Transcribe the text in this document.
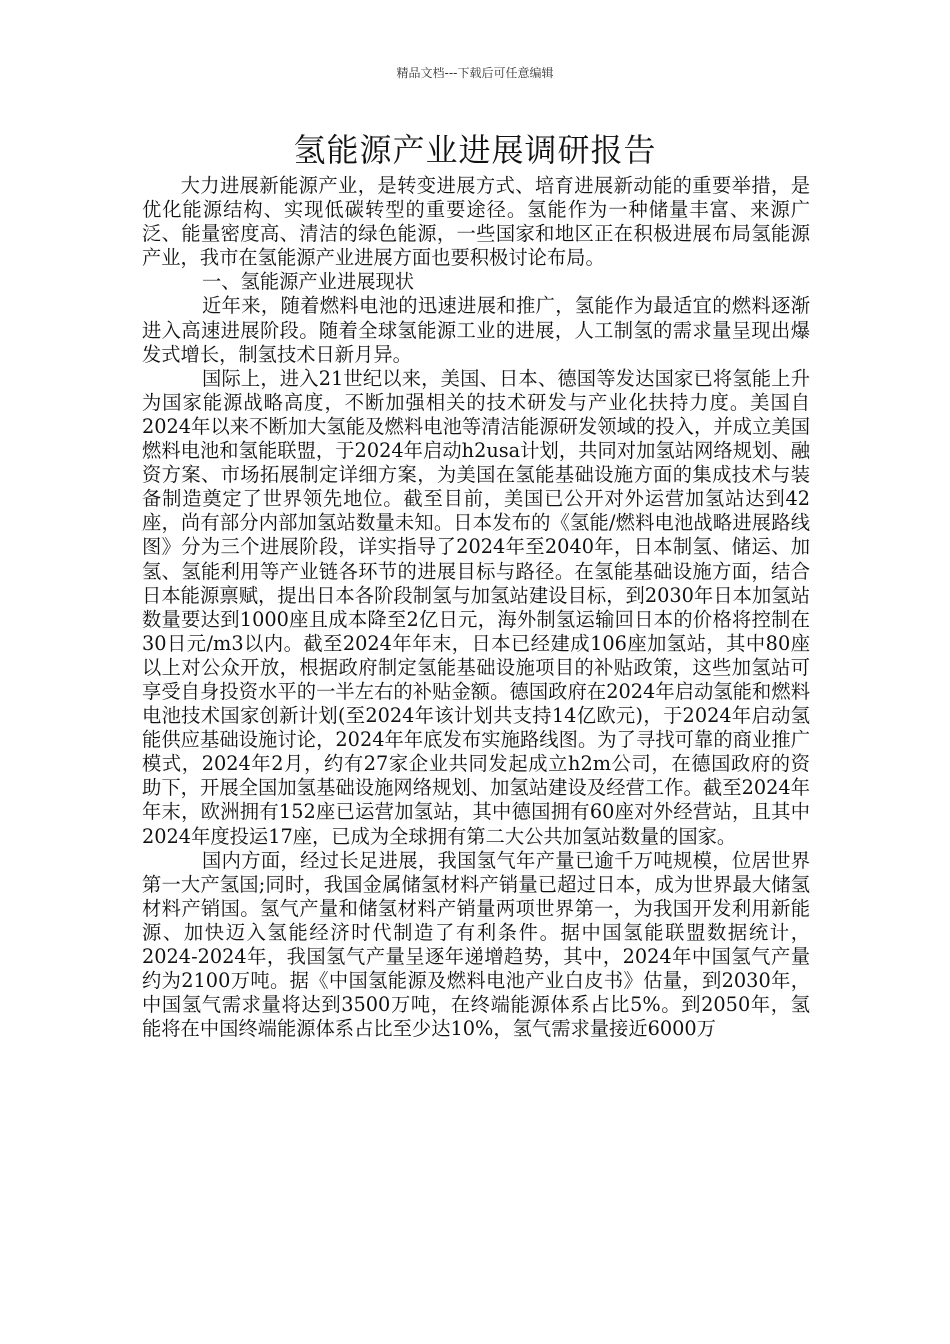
精品文档---下载后可任意编辑
氢能源产业进展调研报告

大力进展新能源产业，是转变进展方式、培育进展新动能的重要举措，是优化能源结构、实现低碳转型的重要途径。氢能作为一种储量丰富、来源广泛、能量密度高、清洁的绿色能源，一些国家和地区正在积极进展布局氢能源产业，我市在氢能源产业进展方面也要积极讨论布局。

一、氢能源产业进展现状

近年来，随着燃料电池的迅速进展和推广，氢能作为最适宜的燃料逐渐进入高速进展阶段。随着全球氢能源工业的进展，人工制氢的需求量呈现出爆发式增长，制氢技术日新月异。

国际上，进入21世纪以来，美国、日本、德国等发达国家已将氢能上升为国家能源战略高度，不断加强相关的技术研发与产业化扶持力度。美国自2024年以来不断加大氢能及燃料电池等清洁能源研发领域的投入，并成立美国燃料电池和氢能联盟，于2024年启动h2usa计划，共同对加氢站网络规划、融资方案、市场拓展制定详细方案，为美国在氢能基础设施方面的集成技术与装备制造奠定了世界领先地位。截至目前，美国已公开对外运营加氢站达到42座，尚有部分内部加氢站数量未知。日本发布的《氢能/燃料电池战略进展路线图》分为三个进展阶段，详实指导了2024年至2040年，日本制氢、储运、加氢、氢能利用等产业链各环节的进展目标与路径。在氢能基础设施方面，结合日本能源禀赋，提出日本各阶段制氢与加氢站建设目标，到2030年日本加氢站数量要达到1000座且成本降至2亿日元，海外制氢运输回日本的价格将控制在30日元/m3以内。截至2024年年末，日本已经建成106座加氢站，其中80座以上对公众开放，根据政府制定氢能基础设施项目的补贴政策，这些加氢站可享受自身投资水平的一半左右的补贴金额。德国政府在2024年启动氢能和燃料电池技术国家创新计划(至2024年该计划共支持14亿欧元)，于2024年启动氢能供应基础设施讨论，2024年年底发布实施路线图。为了寻找可靠的商业推广模式，2024年2月，约有27家企业共同发起成立h2m公司，在德国政府的资助下，开展全国加氢基础设施网络规划、加氢站建设及经营工作。截至2024年年末，欧洲拥有152座已运营加氢站，其中德国拥有60座对外经营站，且其中2024年度投运17座，已成为全球拥有第二大公共加氢站数量的国家。

国内方面，经过长足进展，我国氢气年产量已逾千万吨规模，位居世界第一大产氢国;同时，我国金属储氢材料产销量已超过日本，成为世界最大储氢材料产销国。氢气产量和储氢材料产销量两项世界第一，为我国开发利用新能源、加快迈入氢能经济时代制造了有利条件。据中国氢能联盟数据统计，2024-2024年，我国氢气产量呈逐年递增趋势，其中，2024年中国氢气产量约为2100万吨。据《中国氢能源及燃料电池产业白皮书》估量，到2030年，中国氢气需求量将达到3500万吨，在终端能源体系占比5%。到2050年，氢能将在中国终端能源体系占比至少达10%，氢气需求量接近6000万
